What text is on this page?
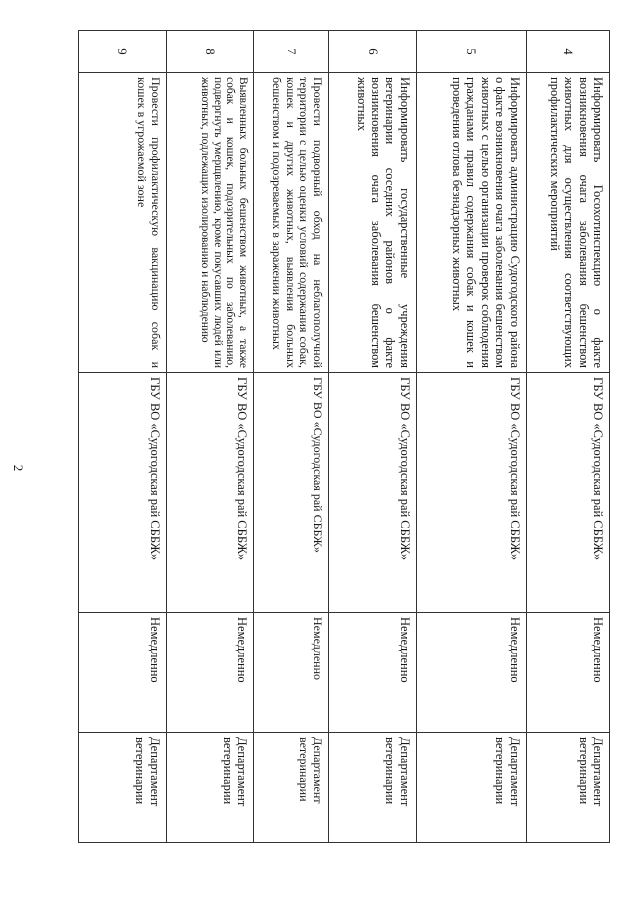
2
4	Информировать Госохотинспекцию о факте возникновения очага заболевания бешенством животных для осуществления соответствующих профилактических мероприятий	ГБУ ВО «Судогодская рай СББЖ»	Немедленно	Департамент ветеринарии
5	Информировать администрацию Судогодского района о факте возникновения очага заболевания бешенством животных с целью организации проверок соблюдения гражданами правил содержания собак и кошек и проведения отлова безнадзорных животных	ГБУ ВО «Судогодская рай СББЖ»	Немедленно	Департамент ветеринарии
6	Информировать государственные учреждения ветеринарии соседних районов о факте возникновения очага заболевания бешенством животных	ГБУ ВО «Судогодская рай СББЖ»	Немедленно	Департамент ветеринарии
7	Провести подворный обход на неблагополучной территории с целью оценки условий содержания собак, кошек и других животных, выявления больных бешенством и подозреваемых в заражении животных	ГБУ ВО «Судогодская рай СББЖ»	Немедленно	Департамент ветеринарии
8	Выявленных больных бешенством животных, а также собак и кошек, подозрительных по заболеванию, подвергнуть умерщвлению, кроме покусавших людей или животных, подлежащих изолированию и наблюдению	ГБУ ВО «Судогодская рай СББЖ»	Немедленно	Департамент ветеринарии
9	Провести профилактическую вакцинацию собак и кошек в угрожаемой зоне	ГБУ ВО «Судогодская рай СББЖ»	Немедленно	Департамент ветеринарии
